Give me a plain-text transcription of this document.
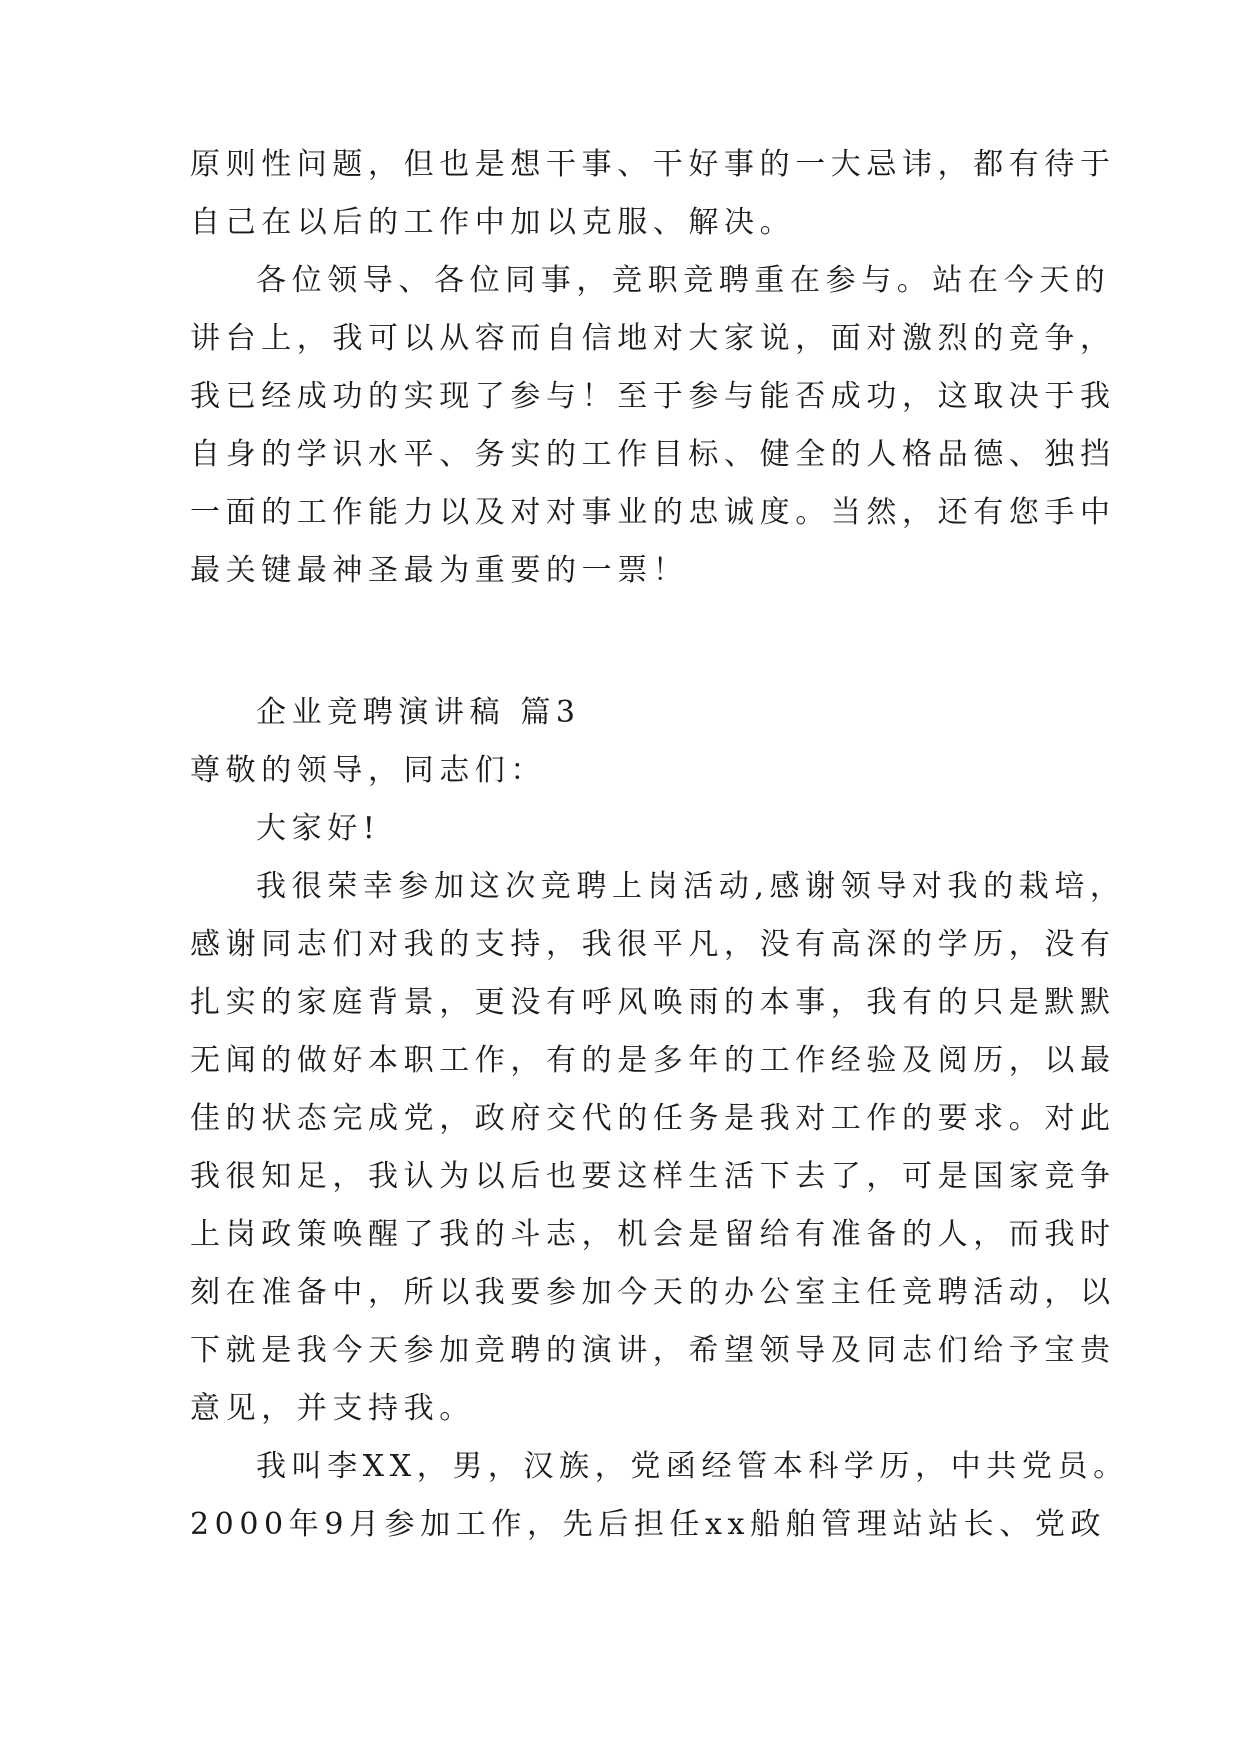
原则性问题，但也是想干事、干好事的一大忌讳，都有待于
自己在以后的工作中加以克服、解决。
各位领导、各位同事，竞职竞聘重在参与。站在今天的
讲台上，我可以从容而自信地对大家说，面对激烈的竞争，
我已经成功的实现了参与！至于参与能否成功，这取决于我
自身的学识水平、务实的工作目标、健全的人格品德、独挡
一面的工作能力以及对对事业的忠诚度。当然，还有您手中
最关键最神圣最为重要的一票！
企业竞聘演讲稿 篇3
尊敬的领导，同志们：
大家好!
我很荣幸参加这次竞聘上岗活动,感谢领导对我的栽培，
感谢同志们对我的支持，我很平凡，没有高深的学历，没有
扎实的家庭背景，更没有呼风唤雨的本事，我有的只是默默
无闻的做好本职工作，有的是多年的工作经验及阅历，以最
佳的状态完成党，政府交代的任务是我对工作的要求。对此
我很知足，我认为以后也要这样生活下去了，可是国家竞争
上岗政策唤醒了我的斗志，机会是留给有准备的人，而我时
刻在准备中，所以我要参加今天的办公室主任竞聘活动，以
下就是我今天参加竞聘的演讲，希望领导及同志们给予宝贵
意见，并支持我。
我叫李XX，男，汉族，党函经管本科学历，中共党员。
2000年9月参加工作，先后担任xx船舶管理站站长、党政
